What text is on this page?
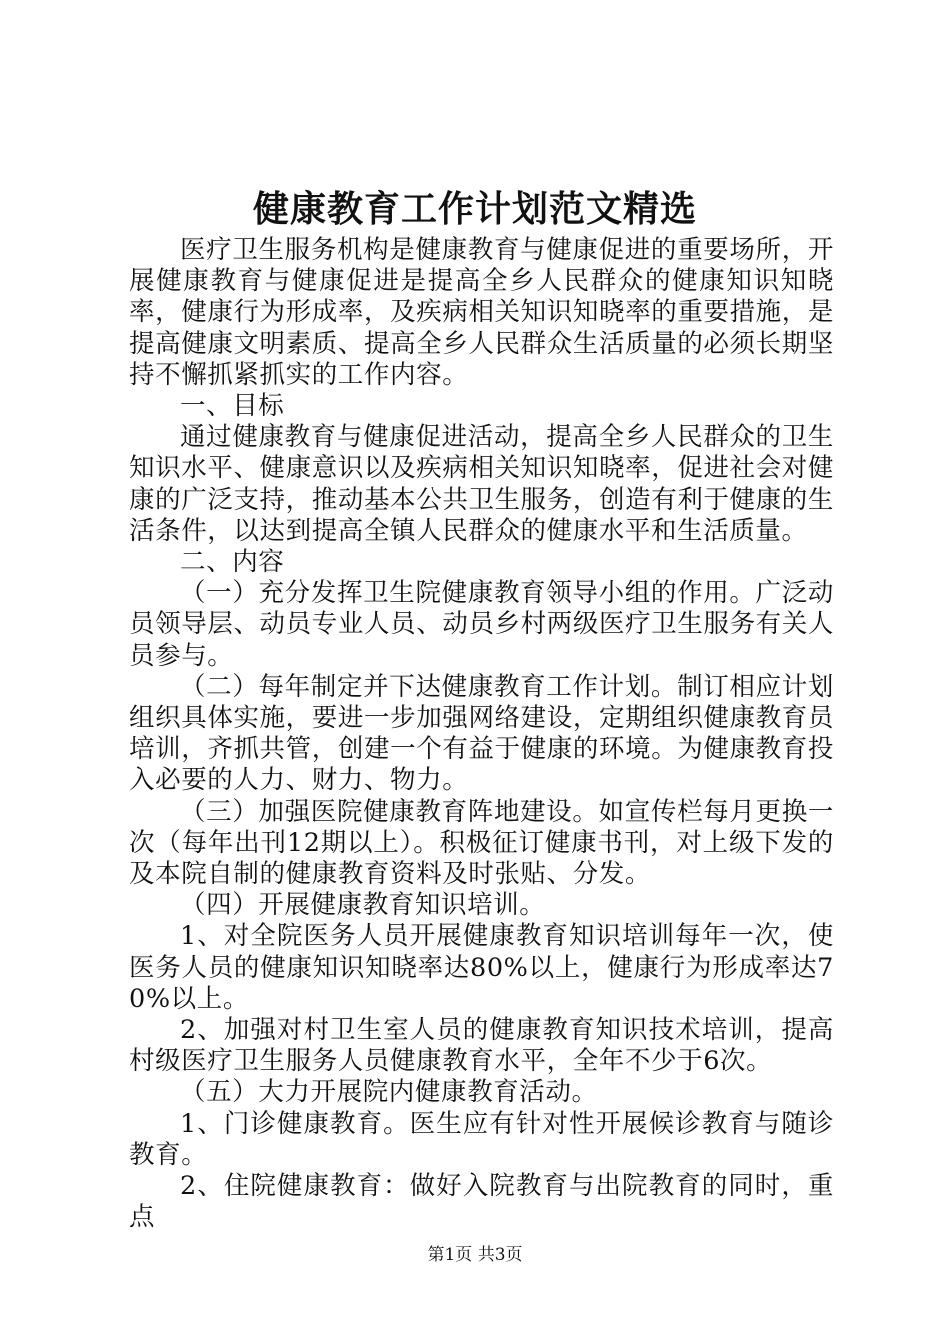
健康教育工作计划范文精选

医疗卫生服务机构是健康教育与健康促进的重要场所，开展健康教育与健康促进是提高全乡人民群众的健康知识知晓率，健康行为形成率，及疾病相关知识知晓率的重要措施，是提高健康文明素质、提高全乡人民群众生活质量的必须长期坚持不懈抓紧抓实的工作内容。

一、目标

通过健康教育与健康促进活动，提高全乡人民群众的卫生知识水平、健康意识以及疾病相关知识知晓率，促进社会对健康的广泛支持，推动基本公共卫生服务，创造有利于健康的生活条件，以达到提高全镇人民群众的健康水平和生活质量。

二、内容

（一）充分发挥卫生院健康教育领导小组的作用。广泛动员领导层、动员专业人员、动员乡村两级医疗卫生服务有关人员参与。

（二）每年制定并下达健康教育工作计划。制订相应计划组织具体实施，要进一步加强网络建设，定期组织健康教育员培训，齐抓共管，创建一个有益于健康的环境。为健康教育投入必要的人力、财力、物力。

（三）加强医院健康教育阵地建设。如宣传栏每月更换一次（每年出刊12期以上）。积极征订健康书刊，对上级下发的及本院自制的健康教育资料及时张贴、分发。

（四）开展健康教育知识培训。

1、对全院医务人员开展健康教育知识培训每年一次，使医务人员的健康知识知晓率达80%以上，健康行为形成率达70%以上。

2、加强对村卫生室人员的健康教育知识技术培训，提高村级医疗卫生服务人员健康教育水平，全年不少于6次。

（五）大力开展院内健康教育活动。

1、门诊健康教育。医生应有针对性开展候诊教育与随诊教育。

2、住院健康教育：做好入院教育与出院教育的同时，重点

第1页 共3页
